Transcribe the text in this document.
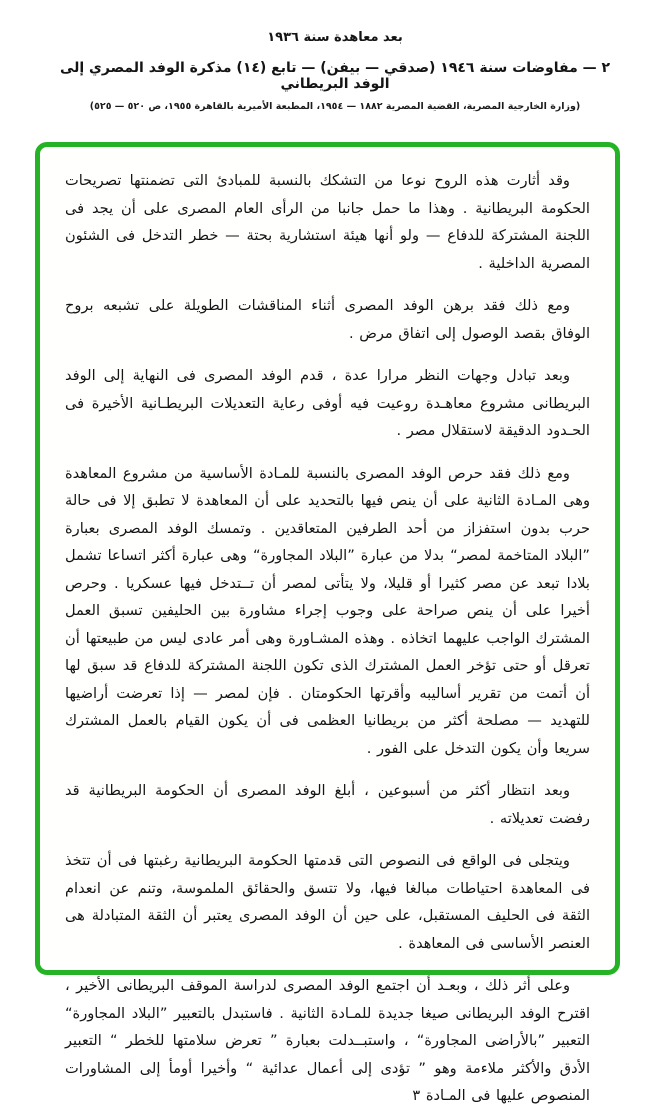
بعد معاهدة سنة ١٩٣٦
٢ — مفاوضات سنة ١٩٤٦ (صدقي — بيفن) — تابع (١٤) مذكرة الوفد المصري إلى الوفد البريطاني
(وزارة الخارجية المصرية، القضية المصرية ١٨٨٢ — ١٩٥٤، المطبعة الأميرية بالقاهرة ١٩٥٥، ص ٥٢٠ — ٥٢٥)

وقد أثارت هذه الروح نوعا من التشكك بالنسبة للمبادئ التى تضمنتها تصريحات الحكومة البريطانية . وهذا ما حمل جانبا من الرأى العام المصرى على أن يجد فى اللجنة المشتركة للدفاع — ولو أنها هيئة استشارية بحتة — خطر التدخل فى الشئون المصرية الداخلية .

ومع ذلك فقد برهن الوفد المصرى أثناء المناقشات الطويلة على تشبعه بروح الوفاق بقصد الوصول إلى اتفاق مرض .

وبعد تبادل وجهات النظر مرارا عدة ، قدم الوفد المصرى فى النهاية إلى الوفد البريطانى مشروع معاهـدة روعيت فيه أوفى رعاية التعديلات البريطـانية الأخيرة فى الحـدود الدقيقة لاستقلال مصر .

ومع ذلك فقد حرص الوفد المصرى بالنسبة للمـادة الأساسية من مشروع المعاهدة وهى المـادة الثانية على أن ينص فيها بالتحديد على أن المعاهدة لا تطبق إلا فى حالة حرب بدون استفزاز من أحد الطرفين المتعاقدين . وتمسك الوفد المصرى بعبارة ”البلاد المتاخمة لمصر“ بدلا من عبارة ”البلاد المجاورة“ وهى عبارة أكثر اتساعا تشمل بلادا تبعد عن مصر كثيرا أو قليلا، ولا يتأتى لمصر أن تــتدخل فيها عسكريا . وحرص أخيرا على أن ينص صراحة على وجوب إجراء مشاورة بين الحليفين تسبق العمل المشترك الواجب عليهما اتخاذه . وهذه المشـاورة وهى أمر عادى ليس من طبيعتها أن تعرقل أو حتى تؤخر العمل المشترك الذى تكون اللجنة المشتركة للدفاع قد سبق لها أن أتمت من تقرير أساليبه وأقرتها الحكومتان . فإن لمصر — إذا تعرضت أراضيها للتهديد — مصلحة أكثر من بريطانيا العظمى فى أن يكون القيام بالعمل المشترك سريعا وأن يكون التدخل على الفور .

وبعد انتظار أكثر من أسبوعين ، أبلغ الوفد المصرى أن الحكومة البريطانية قد رفضت تعديلاته .

ويتجلى فى الواقع فى النصوص التى قدمتها الحكومة البريطانية رغبتها فى أن تتخذ فى المعاهدة احتياطات مبالغا فيها، ولا تتسق والحقائق الملموسة، وتنم عن انعدام الثقة فى الحليف المستقبل، على حين أن الوفد المصرى يعتبر أن الثقة المتبادلة هى العنصر الأساسى فى المعاهدة .

وعلى أثر ذلك ، وبعـد أن اجتمع الوفد المصرى لدراسة الموقف البريطانى الأخير ، اقترح الوفد البريطانى صيغا جديدة للمـادة الثانية . فاستبدل بالتعبير ”البلاد المجاورة“ التعبير ”بالأراضى المجاورة“ ، واستبــدلت بعبارة ” تعرض سلامتها للخطر “ التعبير الأدق والأكثر ملاءمة وهو ” تؤدى إلى أعمال عدائية “ وأخيرا أومأ إلى المشاورات المنصوص عليها فى المـادة ٣
